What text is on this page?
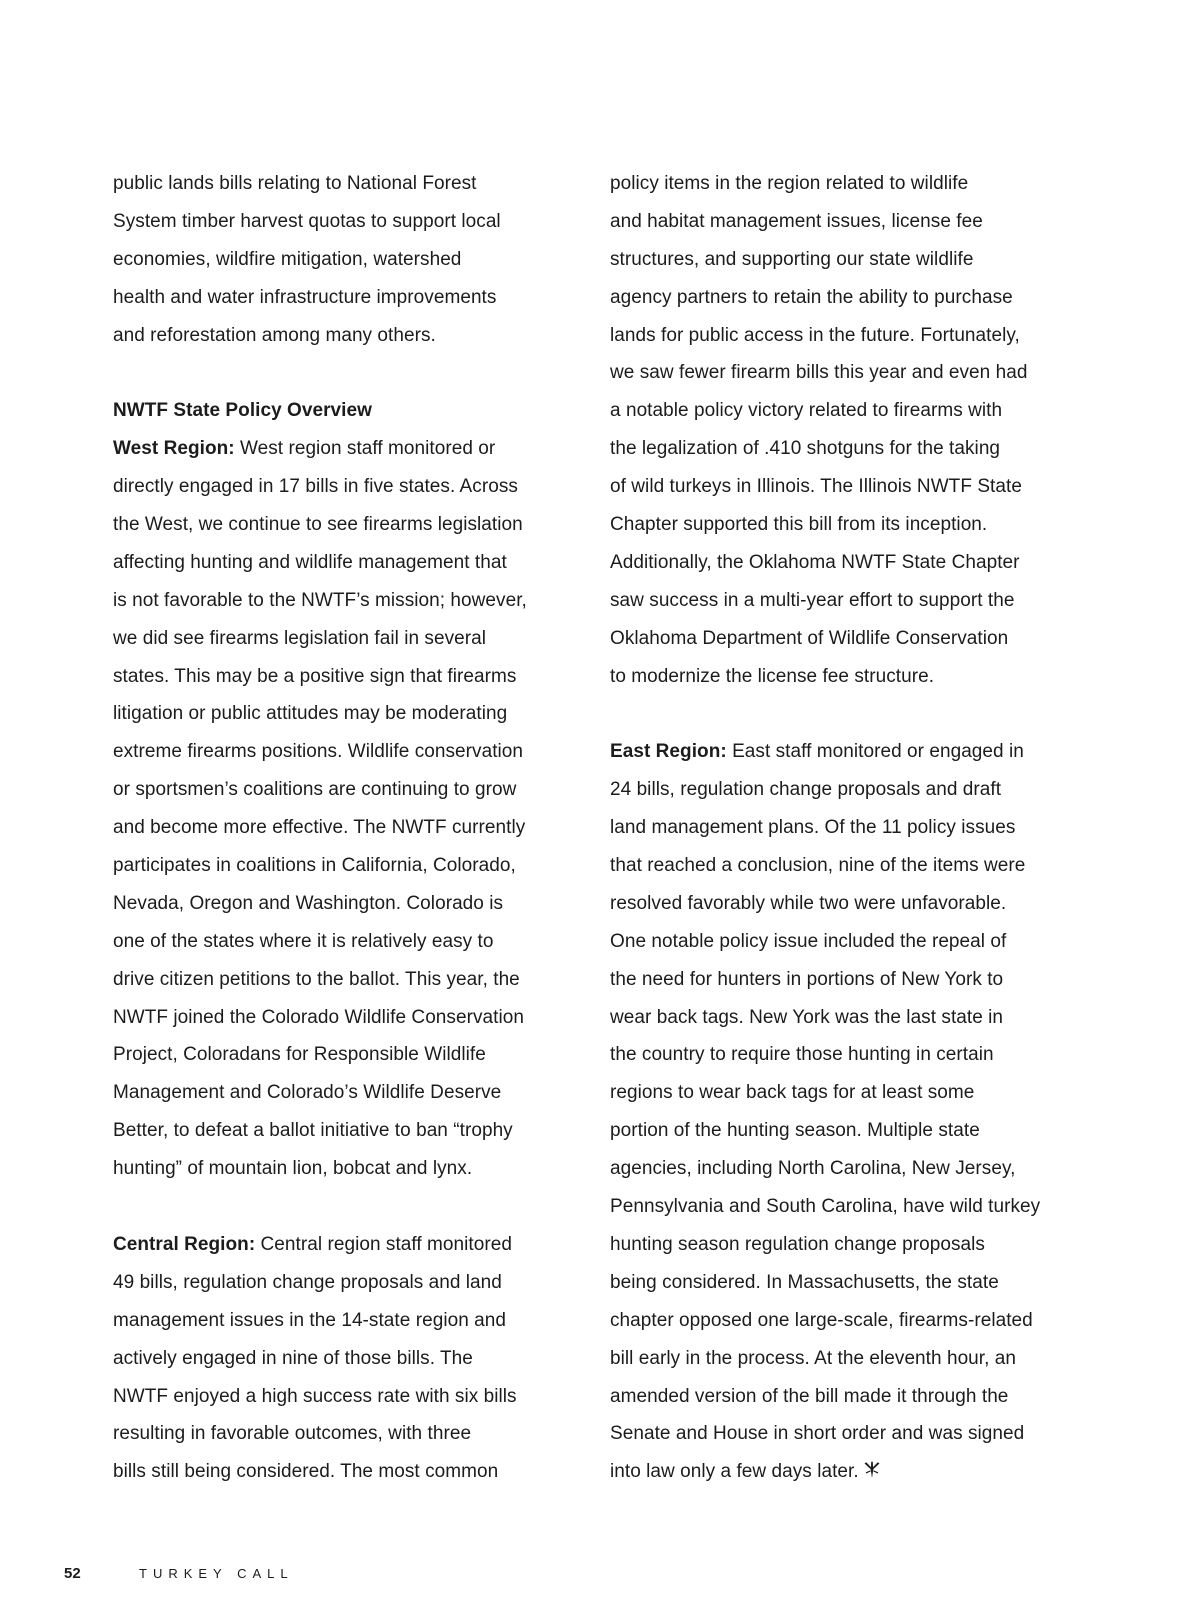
public lands bills relating to National Forest
System timber harvest quotas to support local
economies, wildfire mitigation, watershed
health and water infrastructure improvements
and reforestation among many others.
NWTF State Policy Overview
West Region: West region staff monitored or
directly engaged in 17 bills in five states. Across
the West, we continue to see firearms legislation
affecting hunting and wildlife management that
is not favorable to the NWTF’s mission; however,
we did see firearms legislation fail in several
states. This may be a positive sign that firearms
litigation or public attitudes may be moderating
extreme firearms positions. Wildlife conservation
or sportsmen’s coalitions are continuing to grow
and become more effective. The NWTF currently
participates in coalitions in California, Colorado,
Nevada, Oregon and Washington. Colorado is
one of the states where it is relatively easy to
drive citizen petitions to the ballot. This year, the
NWTF joined the Colorado Wildlife Conservation
Project, Coloradans for Responsible Wildlife
Management and Colorado’s Wildlife Deserve
Better, to defeat a ballot initiative to ban “trophy
hunting” of mountain lion, bobcat and lynx.
Central Region: Central region staff monitored
49 bills, regulation change proposals and land
management issues in the 14-state region and
actively engaged in nine of those bills. The
NWTF enjoyed a high success rate with six bills
resulting in favorable outcomes, with three
bills still being considered. The most common
policy items in the region related to wildlife
and habitat management issues, license fee
structures, and supporting our state wildlife
agency partners to retain the ability to purchase
lands for public access in the future. Fortunately,
we saw fewer firearm bills this year and even had
a notable policy victory related to firearms with
the legalization of .410 shotguns for the taking
of wild turkeys in Illinois. The Illinois NWTF State
Chapter supported this bill from its inception.
Additionally, the Oklahoma NWTF State Chapter
saw success in a multi-year effort to support the
Oklahoma Department of Wildlife Conservation
to modernize the license fee structure.
East Region: East staff monitored or engaged in
24 bills, regulation change proposals and draft
land management plans. Of the 11 policy issues
that reached a conclusion, nine of the items were
resolved favorably while two were unfavorable.
One notable policy issue included the repeal of
the need for hunters in portions of New York to
wear back tags. New York was the last state in
the country to require those hunting in certain
regions to wear back tags for at least some
portion of the hunting season. Multiple state
agencies, including North Carolina, New Jersey,
Pennsylvania and South Carolina, have wild turkey
hunting season regulation change proposals
being considered. In Massachusetts, the state
chapter opposed one large-scale, firearms-related
bill early in the process. At the eleventh hour, an
amended version of the bill made it through the
Senate and House in short order and was signed
into law only a few days later.
52	TURKEY CALL
